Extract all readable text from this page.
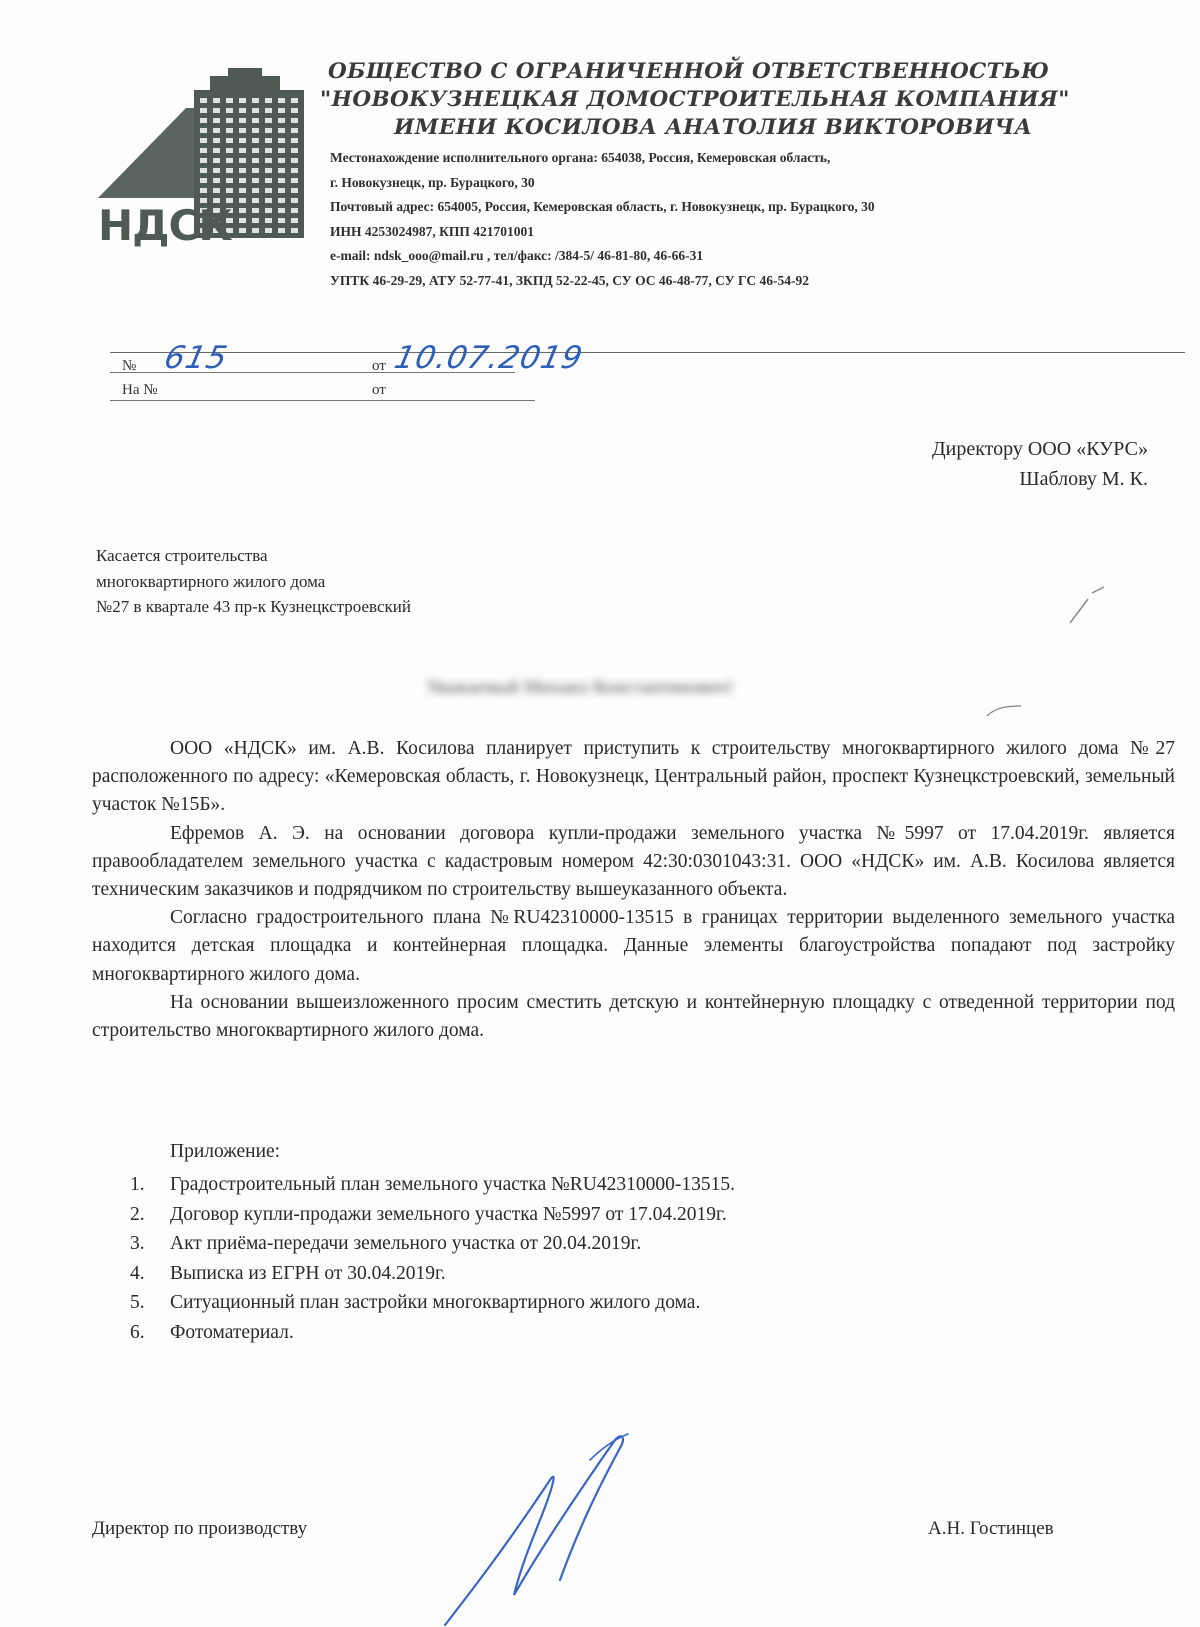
НДСК
ОБЩЕСТВО С ОГРАНИЧЕННОЙ ОТВЕТСТВЕННОСТЬЮ
"НОВОКУЗНЕЦКАЯ ДОМОСТРОИТЕЛЬНАЯ КОМПАНИЯ"
ИМЕНИ КОСИЛОВА АНАТОЛИЯ ВИКТОРОВИЧА
Местонахождение исполнительного органа: 654038, Россия, Кемеровская область,
г. Новокузнецк, пр. Бурацкого, 30
Почтовый адрес: 654005, Россия, Кемеровская область, г. Новокузнецк, пр. Бурацкого, 30
ИНН 4253024987, КПП 421701001
e-mail: ndsk_ooo@mail.ru , тел/факс: /384-5/ 46-81-80, 46-66-31
УПТК 46-29-29, АТУ 52-77-41, ЗКПД 52-22-45, СУ ОС 46-48-77, СУ ГС 46-54-92
№ 615	от 10.07.2019
На №	от
Директору ООО «КУРС»
Шаблову М. К.
Касается строительства
многоквартирного жилого дома
№27 в квартале 43 пр-к Кузнецкстроевский
Уважаемый Михаил Константинович!

ООО «НДСК» им. А.В. Косилова планирует приступить к строительству многоквартирного жилого дома №27 расположенного по адресу: «Кемеровская область, г. Новокузнецк, Центральный район, проспект Кузнецкстроевский, земельный участок №15Б».

Ефремов А. Э. на основании договора купли-продажи земельного участка №5997 от 17.04.2019г. является правообладателем земельного участка с кадастровым номером 42:30:0301043:31. ООО «НДСК» им. А.В. Косилова является техническим заказчиков и подрядчиком по строительству вышеуказанного объекта.

Согласно градостроительного плана №RU42310000-13515 в границах территории выделенного земельного участка находится детская площадка и контейнерная площадка. Данные элементы благоустройства попадают под застройку многоквартирного жилого дома.

На основании вышеизложенного просим сместить детскую и контейнерную площадку с отведенной территории под строительство многоквартирного жилого дома.

Приложение:
1. Градостроительный план земельного участка №RU42310000-13515.
2. Договор купли-продажи земельного участка №5997 от 17.04.2019г.
3. Акт приёма-передачи земельного участка от 20.04.2019г.
4. Выписка из ЕГРН от 30.04.2019г.
5. Ситуационный план застройки многоквартирного жилого дома.
6. Фотоматериал.
Директор по производству	А.Н. Гостинцев
